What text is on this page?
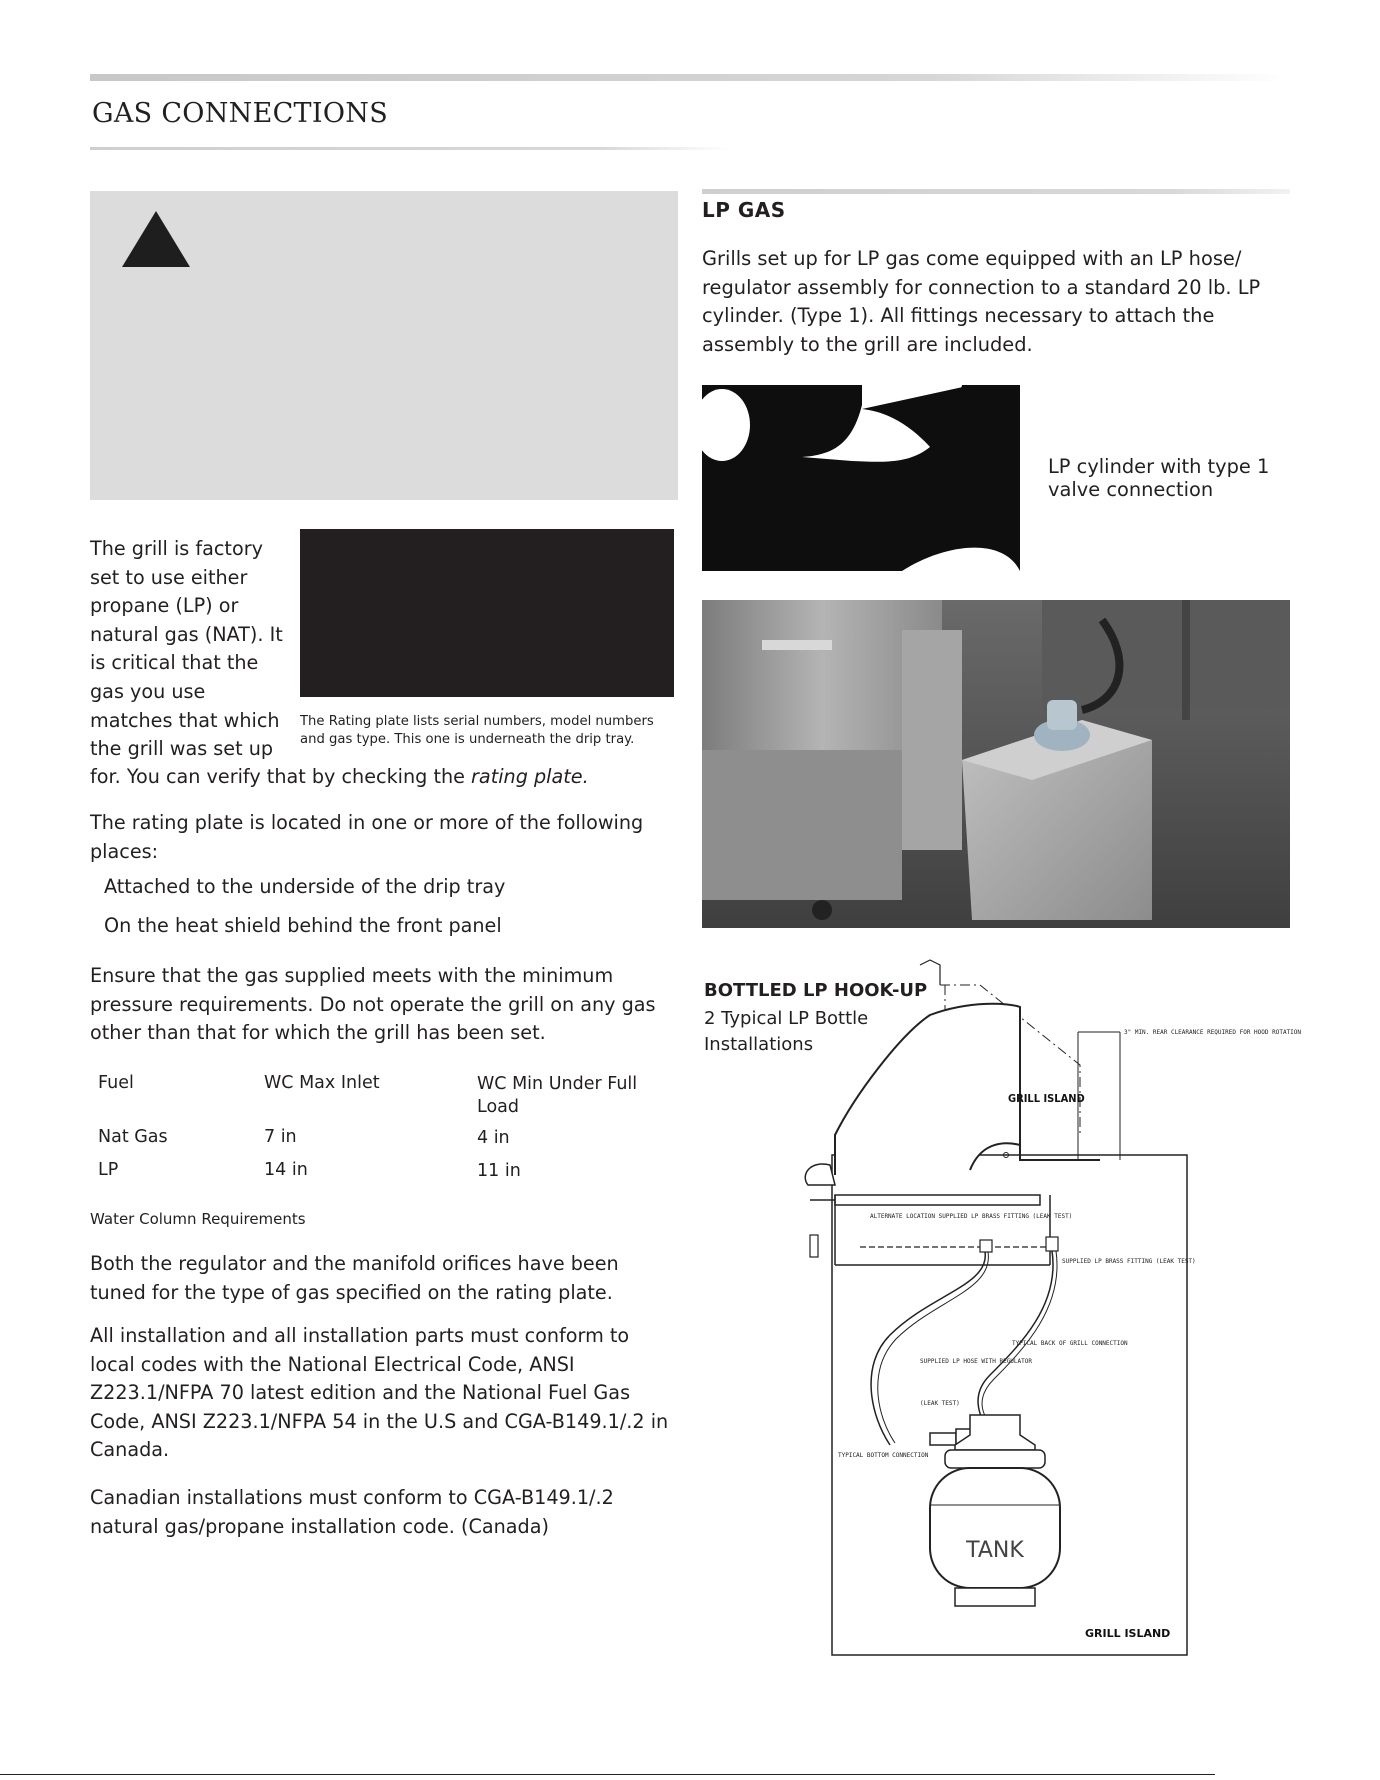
GAS CONNECTIONS
The grill is factory set to use either propane (LP) or natural gas (NAT). It is critical that the gas you use matches that which the grill was set up
The Rating plate lists serial numbers, model numbers and gas type. This one is underneath the drip tray.
for. You can verify that by checking the rating plate.

The rating plate is located in one or more of the following places:

Attached to the underside of the drip tray
On the heat shield behind the front panel

Ensure that the gas supplied meets with the minimum pressure requirements. Do not operate the grill on any gas other than that for which the grill has been set.

Fuel	WC Max Inlet	WC Min Under Full Load
Nat Gas	7 in	4 in
LP	14 in	11 in
Water Column Requirements

Both the regulator and the manifold orifices have been tuned for the type of gas specified on the rating plate.

All installation and all installation parts must conform to local codes with the National Electrical Code, ANSI Z223.1/NFPA 70 latest edition and the National Fuel Gas Code, ANSI Z223.1/NFPA 54 in the U.S and CGA-B149.1/.2 in Canada.

Canadian installations must conform to CGA-B149.1/.2 natural gas/propane installation code. (Canada)

LP GAS
Grills set up for LP gas come equipped with an LP hose/ regulator assembly for connection to a standard 20 lb. LP cylinder. (Type 1). All fittings necessary to attach the assembly to the grill are included.
LP cylinder with type 1 valve connection
BOTTLED LP HOOK-UP
2 Typical LP Bottle Installations
3" MIN. REAR CLEARANCE REQUIRED FOR HOOD ROTATION
ALTERNATE LOCATION SUPPLIED LP BRASS FITTING (LEAK TEST)
SUPPLIED LP BRASS FITTING (LEAK TEST)
TYPICAL BACK OF GRILL CONNECTION
SUPPLIED LP HOSE WITH REGULATOR
(LEAK TEST)
TYPICAL BOTTOM CONNECTION
TANK
GRILL ISLAND
GRILL ISLAND
